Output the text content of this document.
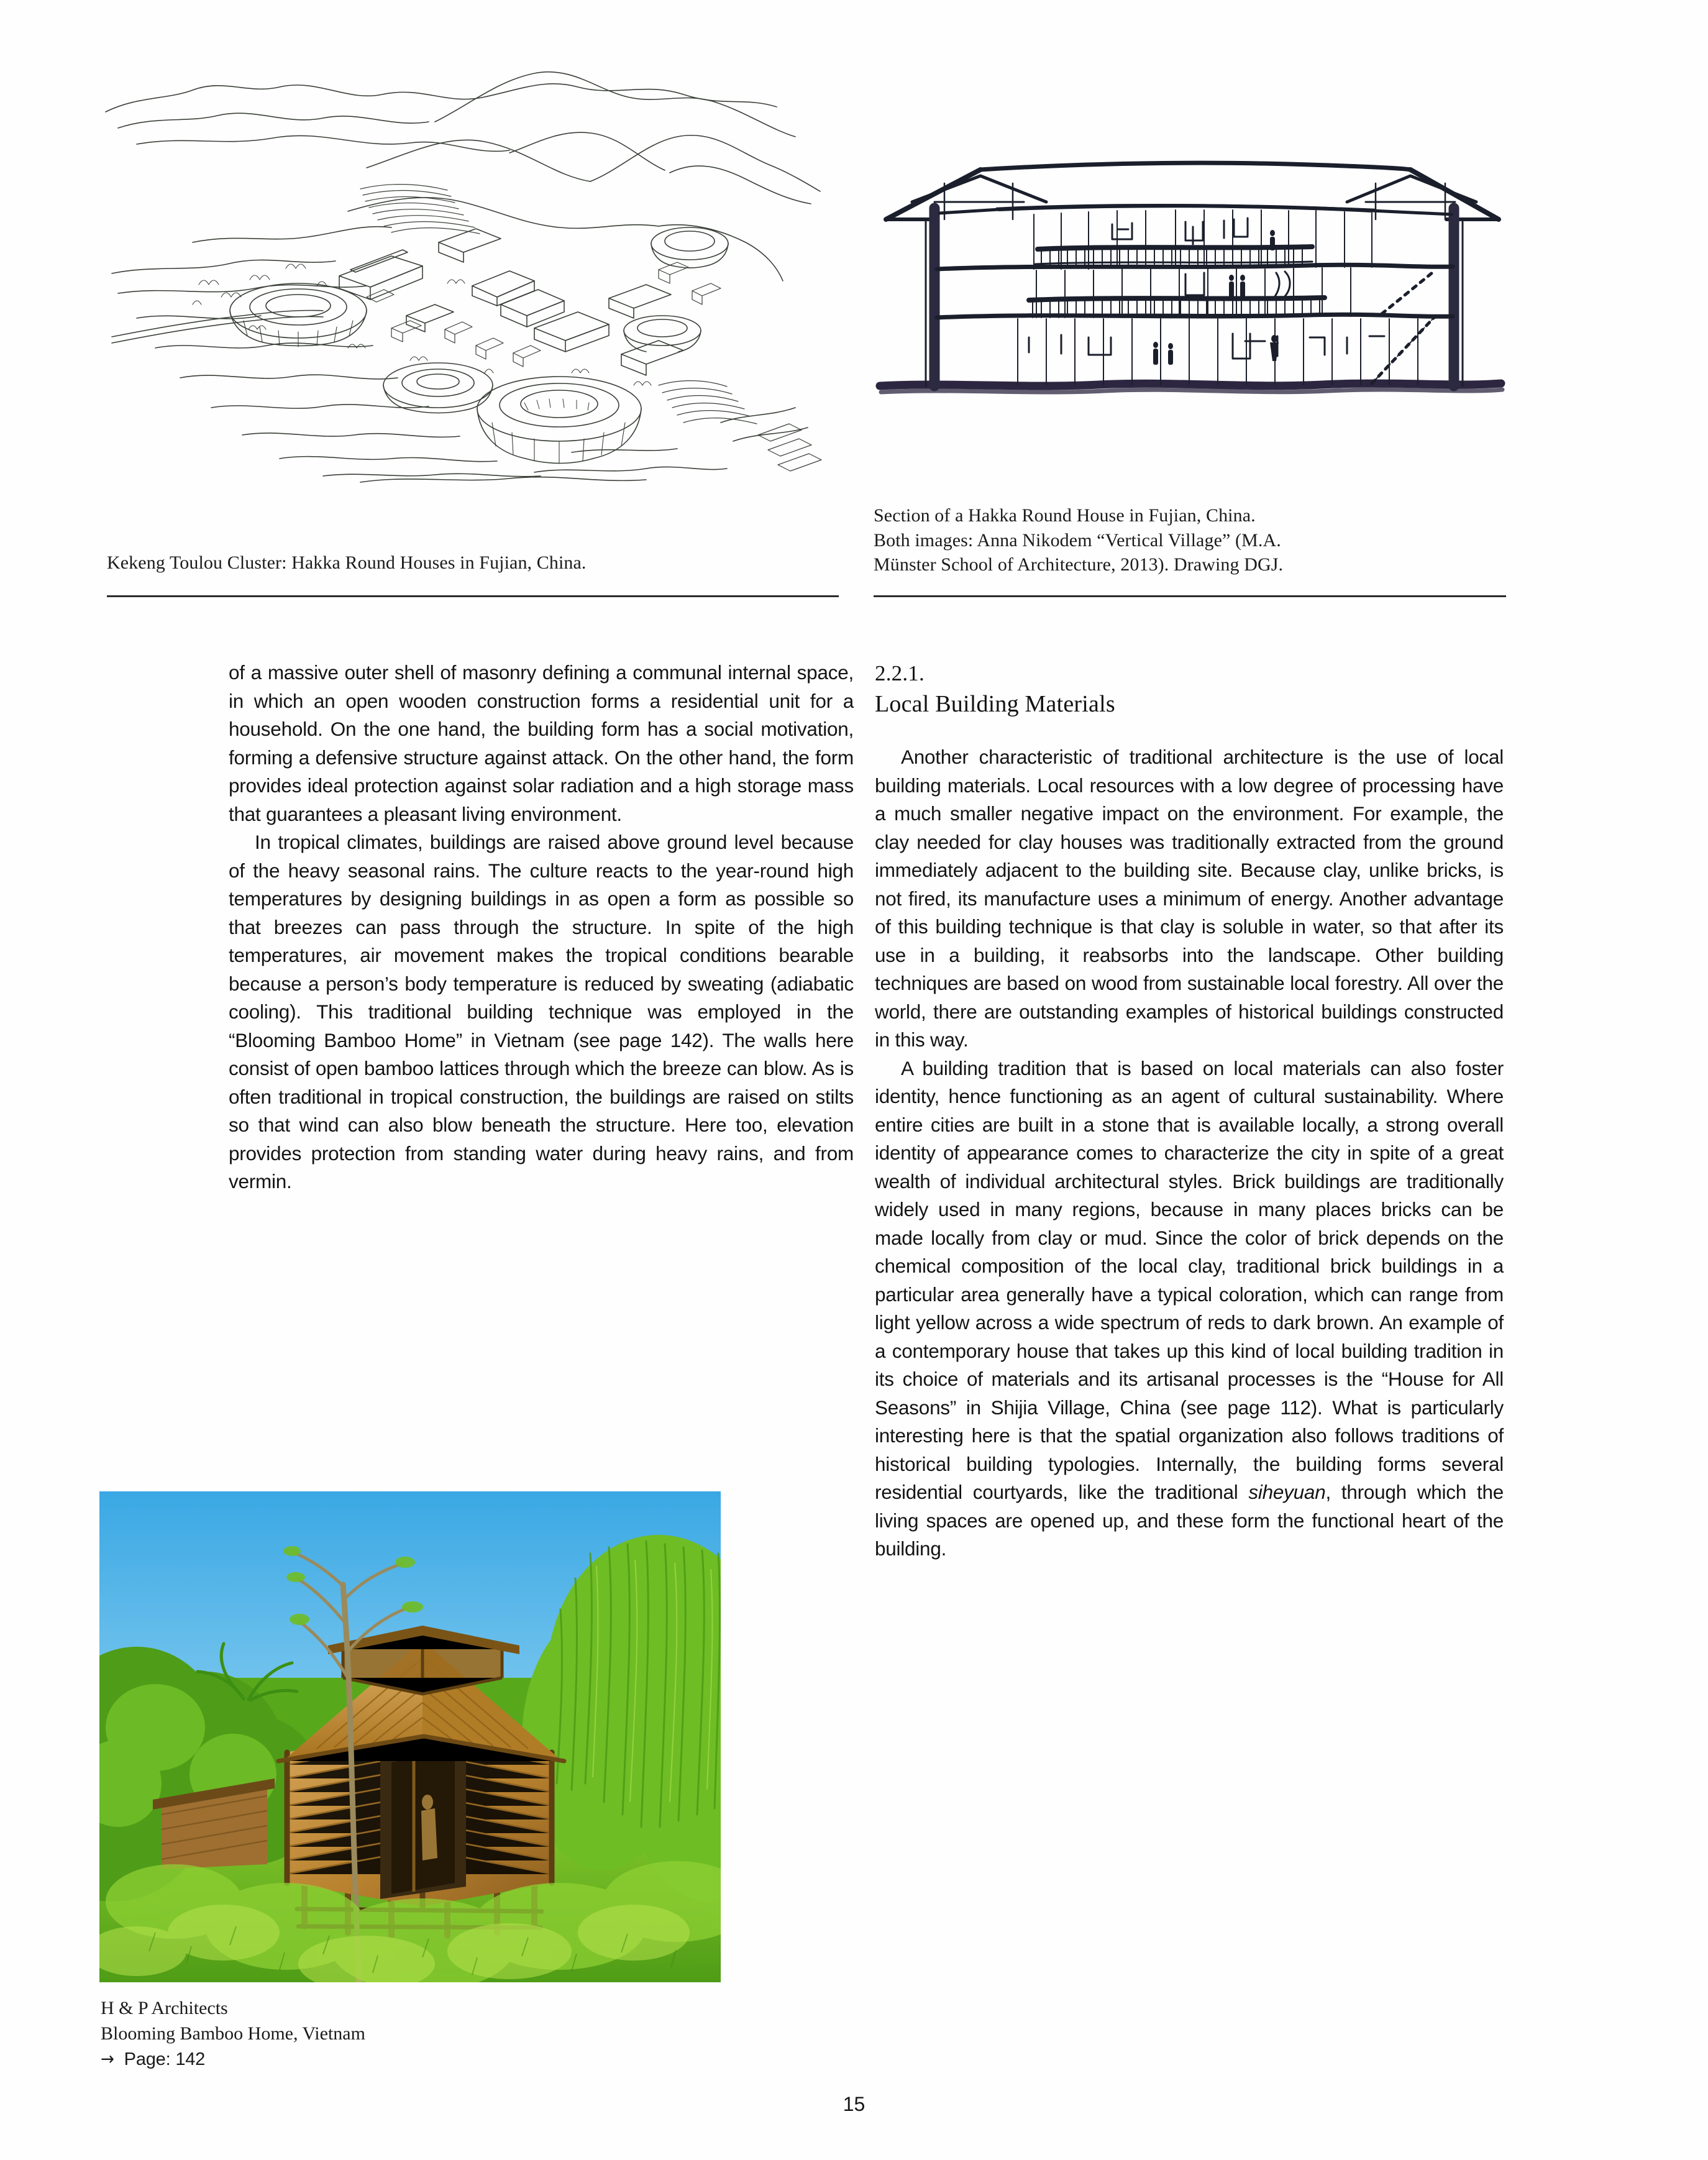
Section of a Hakka Round House in Fujian, China.
Both images: Anna Nikodem “Vertical Village” (M.A.
Münster School of Architecture, 2013). Drawing DGJ.
Kekeng Toulou Cluster: Hakka Round Houses in Fujian, China.

of a massive outer shell of masonry defining a communal internal space, in which an open wooden construction forms a residential unit for a household. On the one hand, the building form has a social motivation, forming a defensive structure against attack. On the other hand, the form provides ideal protection against solar radiation and a high storage mass that guarantees a pleasant living environment.

In tropical climates, buildings are raised above ground level because of the heavy seasonal rains. The culture reacts to the year-round high temperatures by designing buildings in as open a form as possible so that breezes can pass through the structure. In spite of the high temperatures, air movement makes the tropical conditions bearable because a person’s body temperature is reduced by sweating (adiabatic cooling). This traditional building technique was employed in the “Blooming Bamboo Home” in Vietnam (see page 142). The walls here consist of open bamboo lattices through which the breeze can blow. As is often traditional in tropical construction, the buildings are raised on stilts so that wind can also blow beneath the structure. Here too, elevation provides protection from standing water during heavy rains, and from vermin.

2.2.1.
Local Building Materials

Another characteristic of traditional architecture is the use of local building materials. Local resources with a low degree of processing have a much smaller negative impact on the environment. For example, the clay needed for clay houses was traditionally extracted from the ground immediately adjacent to the building site. Because clay, unlike bricks, is not fired, its manufacture uses a minimum of energy. Another advantage of this building technique is that clay is soluble in water, so that after its use in a building, it reabsorbs into the landscape. Other building techniques are based on wood from sustainable local forestry. All over the world, there are outstanding examples of historical buildings constructed in this way.

A building tradition that is based on local materials can also foster identity, hence functioning as an agent of cultural sustainability. Where entire cities are built in a stone that is available locally, a strong overall identity of appearance comes to characterize the city in spite of a great wealth of individual architectural styles. Brick buildings are traditionally widely used in many regions, because in many places bricks can be made locally from clay or mud. Since the color of brick depends on the chemical composition of the local clay, traditional brick buildings in a particular area generally have a typical coloration, which can range from light yellow across a wide spectrum of reds to dark brown. An example of a contemporary house that takes up this kind of local building tradition in its choice of materials and its artisanal processes is the “House for All Seasons” in Shijia Village, China (see page 112). What is particularly interesting here is that the spatial organization also follows traditions of historical building typologies. Internally, the building forms several residential courtyards, like the traditional siheyuan, through which the living spaces are opened up, and these form the functional heart of the building.

H & P Architects
Blooming Bamboo Home, Vietnam
→ Page: 142
15
